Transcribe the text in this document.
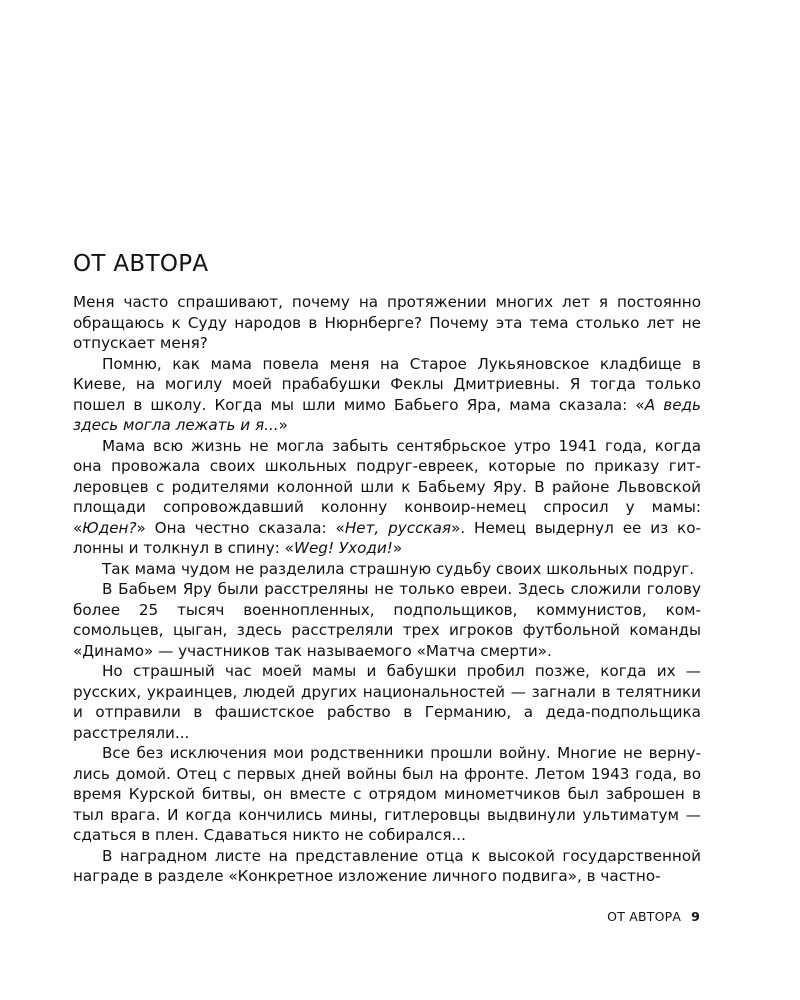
ОТ АВТОРА

Меня часто спрашивают, почему на протяжении многих лет я постоянно обращаюсь к Суду народов в Нюрнберге? Почему эта тема столько лет не отпускает меня?

Помню, как мама повела меня на Старое Лукьяновское кладбище в Киеве, на могилу моей прабабушки Феклы Дмитриевны. Я тогда только пошел в школу. Когда мы шли мимо Бабьего Яра, мама сказала: «А ведь здесь могла лежать и я...»

Мама всю жизнь не могла забыть сентябрьское утро 1941 года, когда она провожала своих школьных подруг-евреек, которые по приказу гитлеровцев с родителями колонной шли к Бабьему Яру. В районе Львовской площади сопровождавший колонну конвоир-немец спросил у мамы: «Юден?» Она честно сказала: «Нет, русская». Немец выдернул ее из колонны и толкнул в спину: «Weg! Уходи!»

Так мама чудом не разделила страшную судьбу своих школьных подруг.

В Бабьем Яру были расстреляны не только евреи. Здесь сложили голову более 25 тысяч военнопленных, подпольщиков, коммунистов, комсомольцев, цыган, здесь расстреляли трех игроков футбольной команды «Динамо» — участников так называемого «Матча смерти».

Но страшный час моей мамы и бабушки пробил позже, когда их — русских, украинцев, людей других национальностей — загнали в телятники и отправили в фашистское рабство в Германию, а деда-подпольщика расстреляли...

Все без исключения мои родственники прошли войну. Многие не вернулись домой. Отец с первых дней войны был на фронте. Летом 1943 года, во время Курской битвы, он вместе с отрядом минометчиков был заброшен в тыл врага. И когда кончились мины, гитлеровцы выдвинули ультиматум — сдаться в плен. Сдаваться никто не собирался...

В наградном листе на представление отца к высокой государственной награде в разделе «Конкретное изложение личного подвига», в частно-

ОТ АВТОРА 9
